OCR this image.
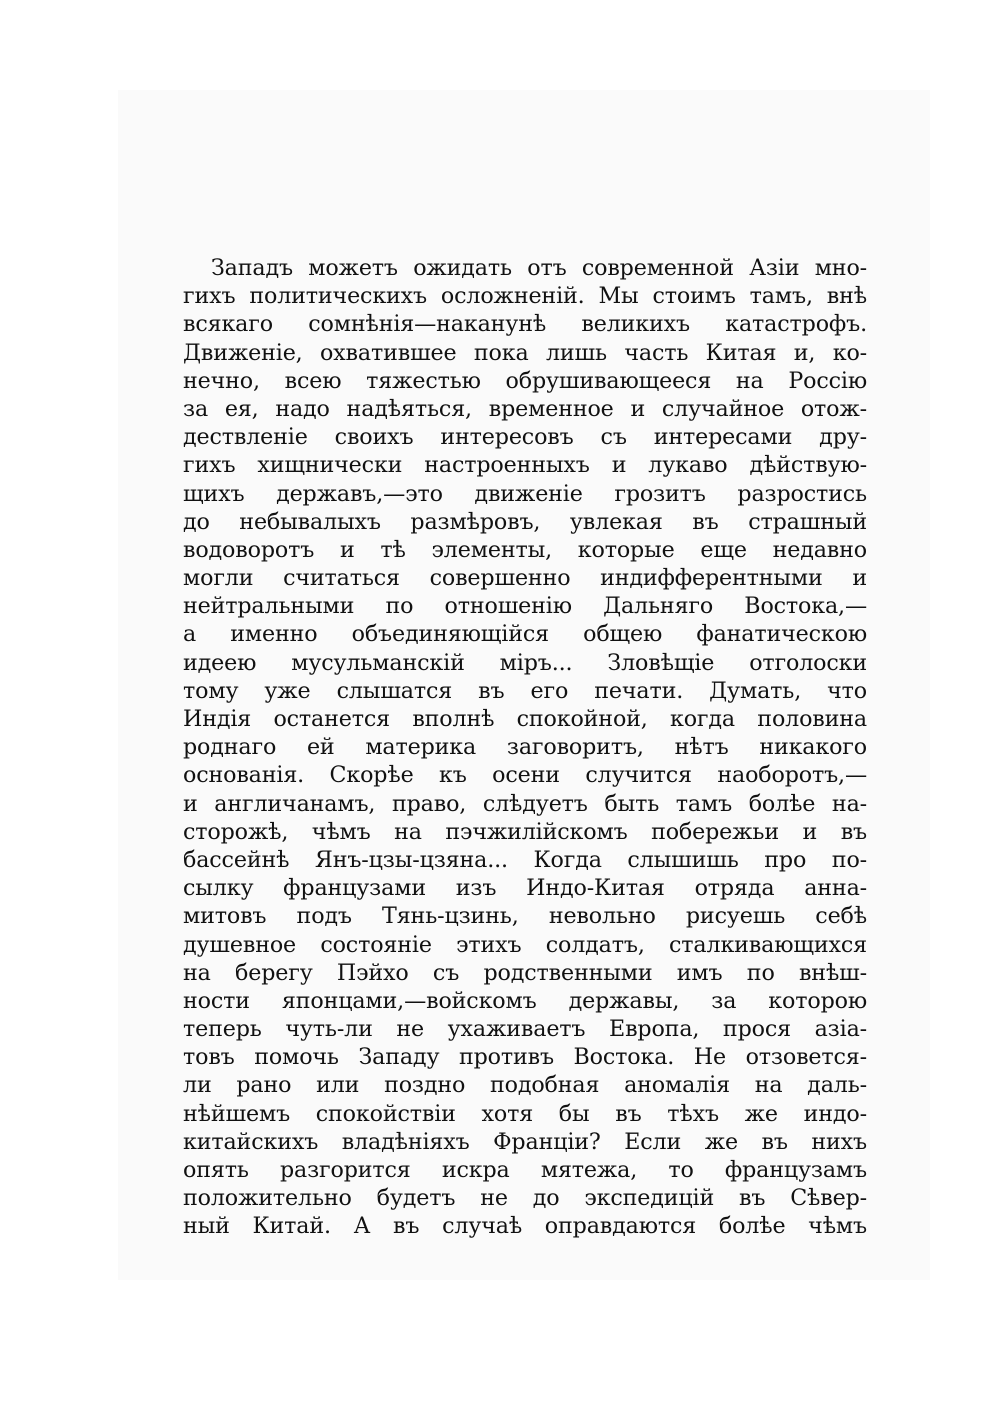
Западъ можетъ ожидать отъ современной Азіи мно-
гихъ политическихъ осложненій. Мы стоимъ тамъ, внѣ
всякаго сомнѣнія—наканунѣ великихъ катастрофъ.
Движеніе, охватившее пока лишь часть Китая и, ко-
нечно, всею тяжестью обрушивающееся на Россію
за ея, надо надѣяться, временное и случайное отож-
дествленіе своихъ интересовъ съ интересами дру-
гихъ хищнически настроенныхъ и лукаво дѣйствую-
щихъ державъ,—это движеніе грозитъ разростись
до небывалыхъ размѣровъ, увлекая въ страшный
водоворотъ и тѣ элементы, которые еще недавно
могли считаться совершенно индифферентными и
нейтральными по отношенію Дальняго Востока,—
а именно объединяющійся общею фанатическою
идеею мусульманскій міръ... Зловѣщіе отголоски
тому уже слышатся въ его печати. Думать, что
Индія останется вполнѣ спокойной, когда половина
роднаго ей материка заговоритъ, нѣтъ никакого
основанія. Скорѣе къ осени случится наоборотъ,—
и англичанамъ, право, слѣдуетъ быть тамъ болѣе на-
сторожѣ, чѣмъ на пэчжилійскомъ побережьи и въ
бассейнѣ Янъ-цзы-цзяна... Когда слышишь про по-
сылку французами изъ Индо-Китая отряда анна-
митовъ подъ Тянь-цзинь, невольно рисуешь себѣ
душевное состояніе этихъ солдатъ, сталкивающихся
на берегу Пэйхо съ родственными имъ по внѣш-
ности японцами,—войскомъ державы, за которою
теперь чуть-ли не ухаживаетъ Европа, прося азіа-
товъ помочь Западу противъ Востока. Не отзовется-
ли рано или поздно подобная аномалія на даль-
нѣйшемъ спокойствіи хотя бы въ тѣхъ же индо-
китайскихъ владѣніяхъ Франціи? Если же въ нихъ
опять разгорится искра мятежа, то французамъ
положительно будетъ не до экспедицій въ Сѣвер-
ный Китай. А въ случаѣ оправдаются болѣе чѣмъ
